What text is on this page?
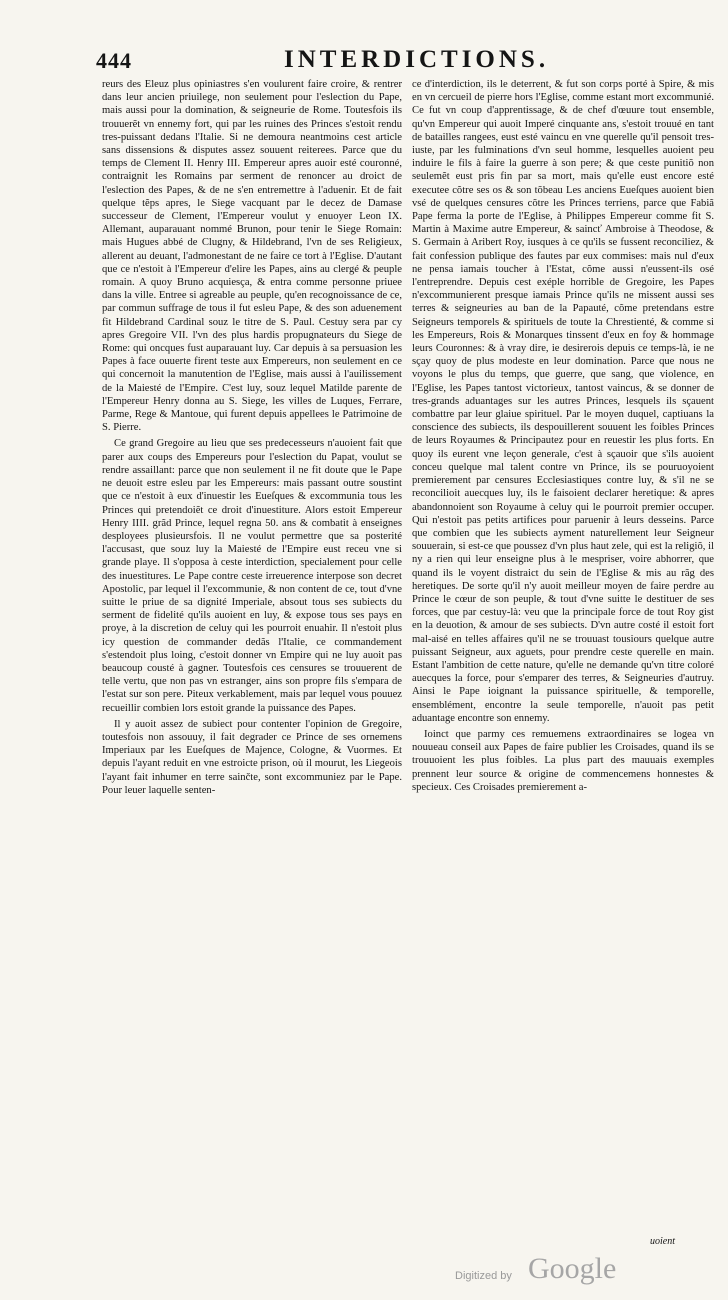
444	INTERDICTIONS.

reurs des Eleuz plus opiniastres s'en voulurent faire croire, & rentrer dans leur ancien priuilege, non seulement pour l'eslection du Pape, mais aussi pour la domination, & seigneurie de Rome. Toutesfois ils trouuerẽt vn ennemy fort, qui par les ruines des Princes s'estoit rendu tres-puissant dedans l'Italie. Si ne demoura neantmoins cest article sans dissensions & disputes assez souuent reiterees. Parce que du temps de Clement II. Henry III. Empereur apres auoir esté couronné, contraignit les Romains par serment de renoncer au droict de l'eslection des Papes, & de ne s'en entremettre à l'aduenir. Et de fait quelque tẽps apres, le Siege vacquant par le decez de Damase successeur de Clement, l'Empereur voulut y enuoyer Leon IX. Allemant, auparauant nommé Brunon, pour tenir le Siege Romain: mais Hugues abbé de Clugny, & Hildebrand, l'vn de ses Religieux, allerent au deuant, l'admonestant de ne faire ce tort à l'Eglise. D'autant que ce n'estoit à l'Empereur d'elire les Papes, ains au clergé & peuple romain. A quoy Bruno acquiesça, & entra comme personne priuee dans la ville. Entree si agreable au peuple, qu'en recognoissance de ce, par commun suffrage de tous il fut esleu Pape, & des son aduenement fit Hildebrand Cardinal souz le titre de S. Paul. Cestuy sera par cy apres Gregoire VII. l'vn des plus hardis propugnateurs du Siege de Rome: qui oncques fust auparauant luy. Car depuis à sa persuasion les Papes à face ouuerte firent teste aux Empereurs, non seulement en ce qui concernoit la manutention de l'Eglise, mais aussi à l'auilissement de la Maiesté de l'Empire. C'est luy, souz lequel Matilde parente de l'Empereur Henry donna au S. Siege, les villes de Luques, Ferrare, Parme, Rege & Mantoue, qui furent depuis appellees le Patrimoine de S. Pierre.

Ce grand Gregoire au lieu que ses predecesseurs n'auoient fait que parer aux coups des Empereurs pour l'eslection du Papat, voulut se rendre assaillant: parce que non seulement il ne fit doute que le Pape ne deuoit estre esleu par les Empereurs: mais passant outre soustint que ce n'estoit à eux d'inuestir les Eueſques & excommunia tous les Princes qui pretendoiẽt ce droit d'inuestiture. Alors estoit Empereur Henry IIII. grãd Prince, lequel regna 50. ans & combatit à enseignes desployees plusieursfois. Il ne voulut permettre que sa posterité l'accusast, que souz luy la Maiesté de l'Empire eust receu vne si grande playe. Il s'opposa à ceste interdiction, specialement pour celle des inuestitures. Le Pape contre ceste irreuerence interpose son decret Apostolic, par lequel il l'excommunie, & non content de ce, tout d'vne suitte le priue de sa dignité Imperiale, absout tous ses subiects du serment de fidelité qu'ils auoient en luy, & expose tous ses pays en proye, à la discretion de celuy qui les pourroit enuahir. Il n'estoit plus icy question de commander dedãs l'Italie, ce commandement s'estendoit plus loing, c'estoit donner vn Empire qui ne luy auoit pas beaucoup cousté à gagner. Toutesfois ces censures se trouuerent de telle vertu, que non pas vn estranger, ains son propre fils s'empara de l'estat sur son pere. Piteux verkablement, mais par lequel vous pouuez recueillir combien lors estoit grande la puissance des Papes.

Il y auoit assez de subiect pour contenter l'opinion de Gregoire, toutesfois non assouuy, il fait degrader ce Prince de ses ornemens Imperiaux par les Eueſques de Majence, Cologne, & Vuormes. Et depuis l'ayant reduit en vne estroicte prison, où il mourut, les Liegeois l'ayant fait inhumer en terre sainčte, sont excommuniez par le Pape. Pour leuer laquelle senten-

ce d'interdiction, ils le deterrent, & fut son corps porté à Spire, & mis en vn cercueil de pierre hors l'Eglise, comme estant mort excommunié. Ce fut vn coup d'apprentissage, & de chef d'œuure tout ensemble, qu'vn Empereur qui auoit Imperé cinquante ans, s'estoit trouué en tant de batailles rangees, eust esté vaincu en vne querelle qu'il pensoit tres-iuste, par les fulminations d'vn seul homme, lesquelles auoient peu induire le fils à faire la guerre à son pere; & que ceste punitiõ non seulemẽt eust pris fin par sa mort, mais qu'elle eust encore esté executee cõtre ses os & son tõbeau Les anciens Eueſques auoient bien vsé de quelques censures cõtre les Princes terriens, parce que Fabiã Pape ferma la porte de l'Eglise, à Philippes Empereur comme fit S. Martin à Maxime autre Empereur, & saincť Ambroise à Theodose, & S. Germain à Aribert Roy, iusques à ce qu'ils se fussent reconciliez, & fait confession publique des fautes par eux commises: mais nul d'eux ne pensa iamais toucher à l'Estat, cõme aussi n'eussent-ils osé l'entreprendre. Depuis cest exéple horrible de Gregoire, les Papes n'excommunierent presque iamais Prince qu'ils ne missent aussi ses terres & seigneuries au ban de la Papauté, cõme pretendans estre Seigneurs temporels & spirituels de toute la Chrestienté, & comme si les Empereurs, Rois & Monarques tinssent d'eux en foy & hommage leurs Couronnes: & à vray dire, ie desirerois depuis ce temps-là, ie ne sçay quoy de plus modeste en leur domination. Parce que nous ne voyons le plus du temps, que guerre, que sang, que violence, en l'Eglise, les Papes tantost victorieux, tantost vaincus, & se donner de tres-grands aduantages sur les autres Princes, lesquels ils sçauent combattre par leur glaiue spirituel. Par le moyen duquel, captiuans la conscience des subiects, ils despouillerent souuent les foibles Princes de leurs Royaumes & Principautez pour en reuestir les plus forts. En quoy ils eurent vne leçon generale, c'est à sçauoir que s'ils auoient conceu quelque mal talent contre vn Prince, ils se pouruoyoient premierement par censures Ecclesiastiques contre luy, & s'il ne se reconcilioit auecques luy, ils le faisoient declarer heretique: & apres abandonnoient son Royaume à celuy qui le pourroit premier occuper. Qui n'estoit pas petits artifices pour paruenir à leurs desseins. Parce que combien que les subiects ayment naturellement leur Seigneur souuerain, si est-ce que poussez d'vn plus haut zele, qui est la religiõ, il ny a rien qui leur enseigne plus à le mespriser, voire abhorrer, que quand ils le voyent distraict du sein de l'Eglise & mis au rãg des heretiques. De sorte qu'il n'y auoit meilleur moyen de faire perdre au Prince le cœur de son peuple, & tout d'vne suitte le destituer de ses forces, que par cestuy-là: veu que la principale force de tout Roy gist en la deuotion, & amour de ses subiects. D'vn autre costé il estoit fort mal-aisé en telles affaires qu'il ne se trouuast tousiours quelque autre puissant Seigneur, aux aguets, pour prendre ceste querelle en main. Estant l'ambition de cette nature, qu'elle ne demande qu'vn titre coloré auecques la force, pour s'emparer des terres, & Seigneuries d'autruy. Ainsi le Pape ioignant la puissance spirituelle, & temporelle, ensemblément, encontre la seule temporelle, n'auoit pas petit aduantage encontre son ennemy.

Ioinct que parmy ces remuemens extraordinaires se logea vn nouueau conseil aux Papes de faire publier les Croisades, quand ils se trouuoient les plus foibles. La plus part des mauuais exemples prennent leur source & origine de commencemens honnestes & specieux. Ces Croisades premierement a-

uoient
Digitized by Google
